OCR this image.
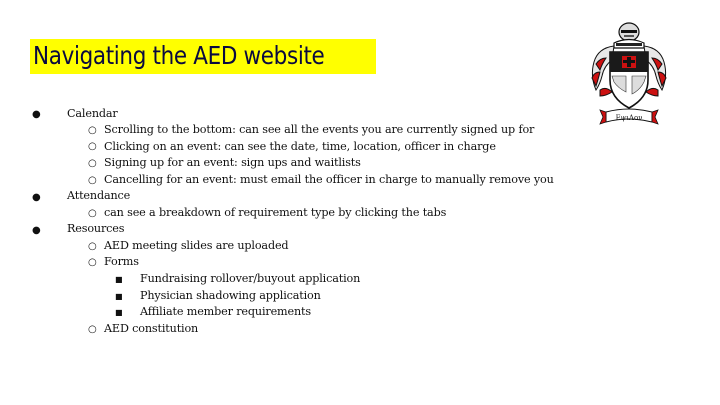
Navigating the AED website
● Calendar
○ Scrolling to the bottom: can see all the events you are currently signed up for
○ Clicking on an event: can see the date, time, location, officer in charge
○ Signing up for an event: sign ups and waitlists
○ Cancelling for an event: must email the officer in charge to manually remove you
● Attendance
○ can see a breakdown of requirement type by clicking the tabs
● Resources
○ AED meeting slides are uploaded
○ Forms
■ Fundraising rollover/buyout application
■ Physician shadowing application
■ Affiliate member requirements
○ AED constitution
ΕψιΛον
